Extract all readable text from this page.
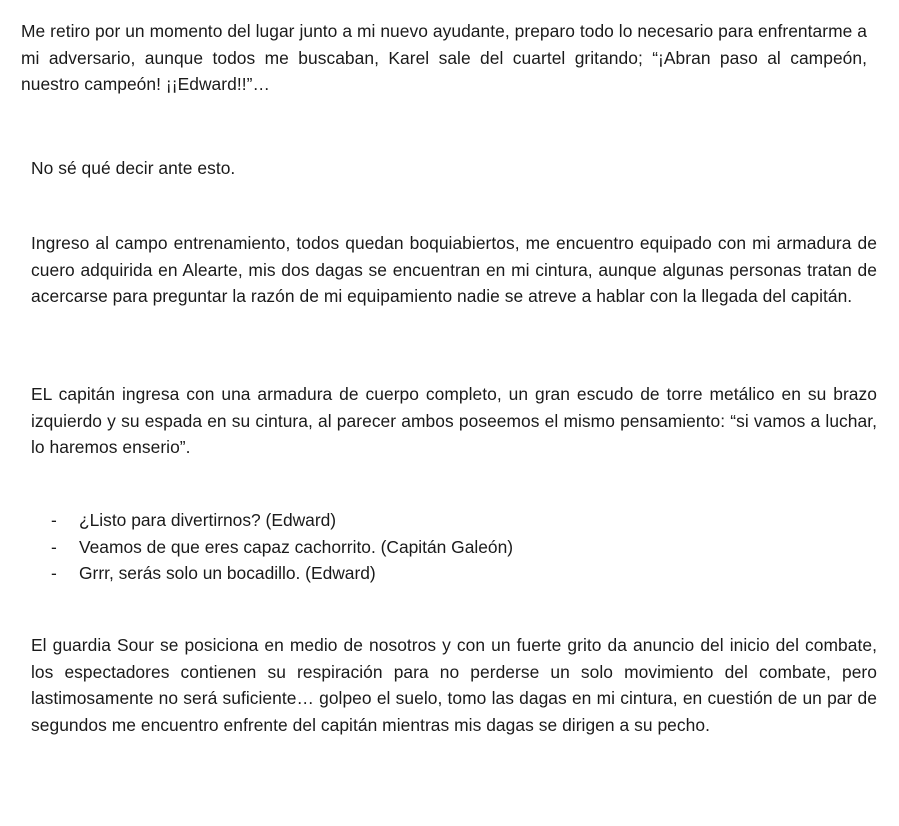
Me retiro por un momento del lugar junto a mi nuevo ayudante, preparo todo lo necesario para enfrentarme a mi adversario, aunque todos me buscaban, Karel sale del cuartel gritando; “¡Abran paso al campeón, nuestro campeón! ¡¡Edward!!”…

No sé qué decir ante esto.

Ingreso al campo entrenamiento, todos quedan boquiabiertos, me encuentro equipado con mi armadura de cuero adquirida en Alearte, mis dos dagas se encuentran en mi cintura, aunque algunas personas tratan de acercarse para preguntar la razón de mi equipamiento nadie se atreve a hablar con la llegada del capitán.

EL capitán ingresa con una armadura de cuerpo completo, un gran escudo de torre metálico en su brazo izquierdo y su espada en su cintura, al parecer ambos poseemos el mismo pensamiento: “si vamos a luchar, lo haremos enserio”.

- ¿Listo para divertirnos? (Edward)
- Veamos de que eres capaz cachorrito. (Capitán Galeón)
- Grrr, serás solo un bocadillo. (Edward)

El guardia Sour se posiciona en medio de nosotros y con un fuerte grito da anuncio del inicio del combate, los espectadores contienen su respiración para no perderse un solo movimiento del combate, pero lastimosamente no será suficiente… golpeo el suelo, tomo las dagas en mi cintura, en cuestión de un par de segundos me encuentro enfrente del capitán mientras mis dagas se dirigen a su pecho.
